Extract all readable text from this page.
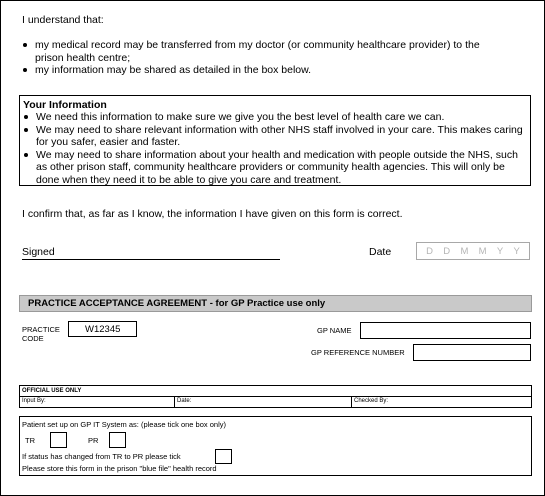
I understand that:
my medical record may be transferred from my doctor (or community healthcare provider) to the prison health centre;
my information may be shared as detailed in the box below.
Your Information
We need this information to make sure we give you the best level of health care we can.
We may need to share relevant information with other NHS staff involved in your care. This makes caring for you safer, easier and faster.
We may need to share information about your health and medication with people outside the NHS, such as other prison staff, community healthcare providers or community health agencies. This will only be done when they need it to be able to give you care and treatment.
I confirm that, as far as I know, the information I have given on this form is correct.
Signed	Date	D D M M Y Y
PRACTICE ACCEPTANCE AGREEMENT - for GP Practice use only
PRACTICE
CODE
W12345	GP NAME
GP REFERENCE NUMBER
OFFICIAL USE ONLY
Input By:	Date:	Checked By:
Patient set up on GP IT System as: (please tick one box only)
TR	PR
If status has changed from TR to PR please tick
Please store this form in the prison "blue file" health record
